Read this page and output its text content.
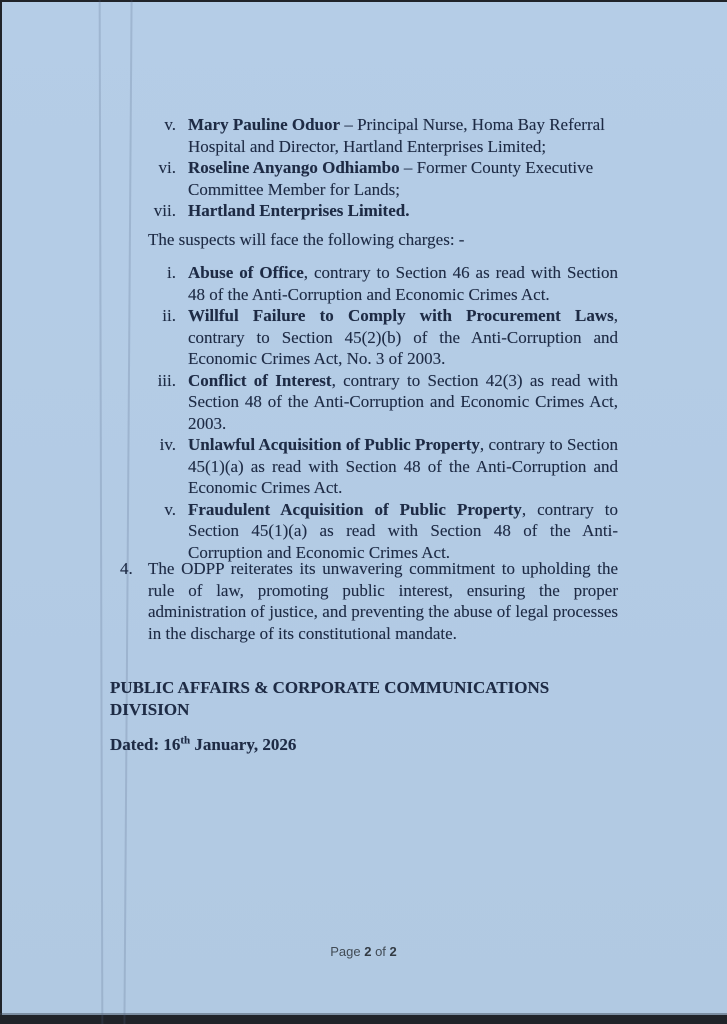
v. Mary Pauline Oduor – Principal Nurse, Homa Bay Referral Hospital and Director, Hartland Enterprises Limited;
vi. Roseline Anyango Odhiambo – Former County Executive Committee Member for Lands;
vii. Hartland Enterprises Limited.
The suspects will face the following charges: -
i. Abuse of Office, contrary to Section 46 as read with Section 48 of the Anti-Corruption and Economic Crimes Act.
ii. Willful Failure to Comply with Procurement Laws, contrary to Section 45(2)(b) of the Anti-Corruption and Economic Crimes Act, No. 3 of 2003.
iii. Conflict of Interest, contrary to Section 42(3) as read with Section 48 of the Anti-Corruption and Economic Crimes Act, 2003.
iv. Unlawful Acquisition of Public Property, contrary to Section 45(1)(a) as read with Section 48 of the Anti-Corruption and Economic Crimes Act.
v. Fraudulent Acquisition of Public Property, contrary to Section 45(1)(a) as read with Section 48 of the Anti-Corruption and Economic Crimes Act.
4. The ODPP reiterates its unwavering commitment to upholding the rule of law, promoting public interest, ensuring the proper administration of justice, and preventing the abuse of legal processes in the discharge of its constitutional mandate.
PUBLIC AFFAIRS & CORPORATE COMMUNICATIONS DIVISION
Dated: 16th January, 2026
Page 2 of 2
